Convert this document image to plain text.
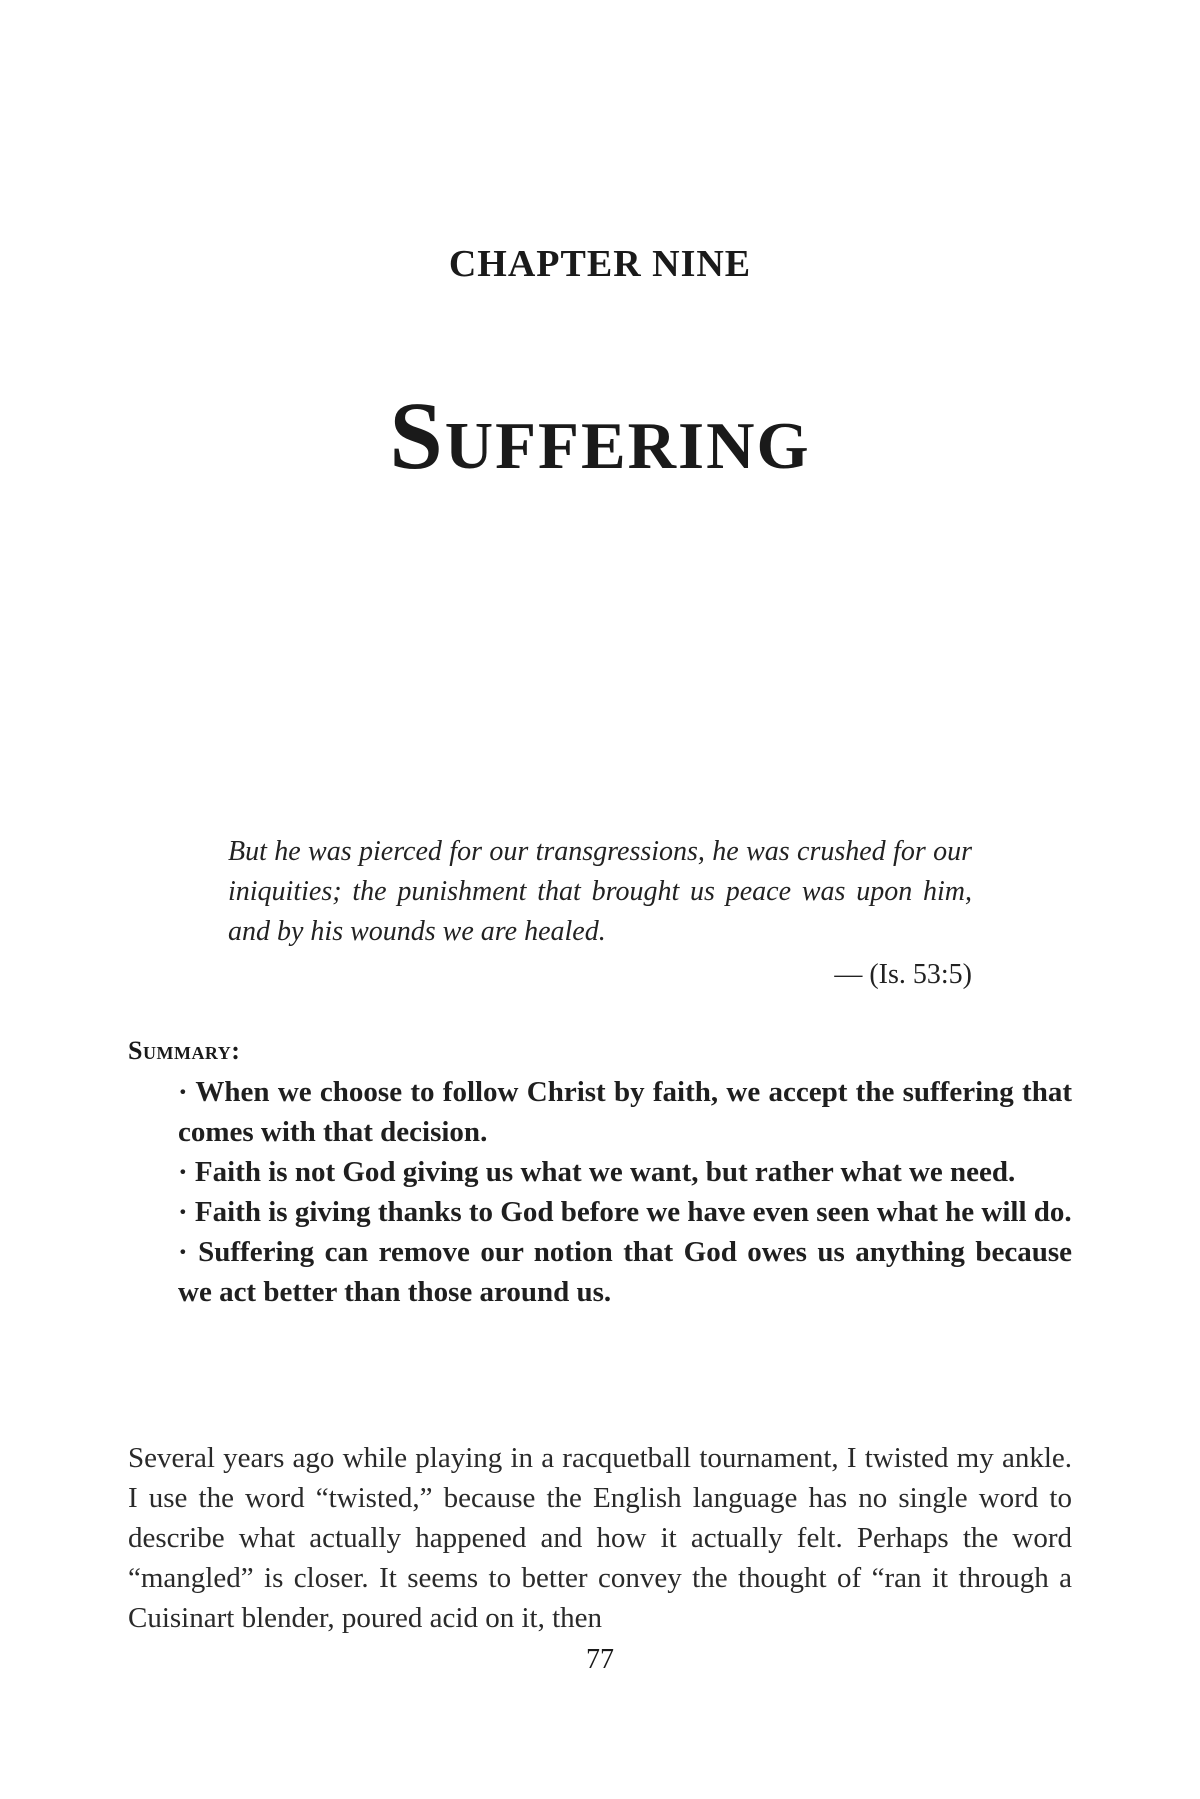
CHAPTER NINE
Suffering
But he was pierced for our transgressions, he was crushed for our iniquities; the punishment that brought us peace was upon him, and by his wounds we are healed.
— (Is. 53:5)
Summary:
· When we choose to follow Christ by faith, we accept the suffering that comes with that decision.
· Faith is not God giving us what we want, but rather what we need.
· Faith is giving thanks to God before we have even seen what he will do.
· Suffering can remove our notion that God owes us anything because we act better than those around us.

Several years ago while playing in a racquetball tournament, I twisted my ankle. I use the word “twisted,” because the English language has no single word to describe what actually happened and how it actually felt. Perhaps the word “mangled” is closer. It seems to better convey the thought of “ran it through a Cuisinart blender, poured acid on it, then

77
